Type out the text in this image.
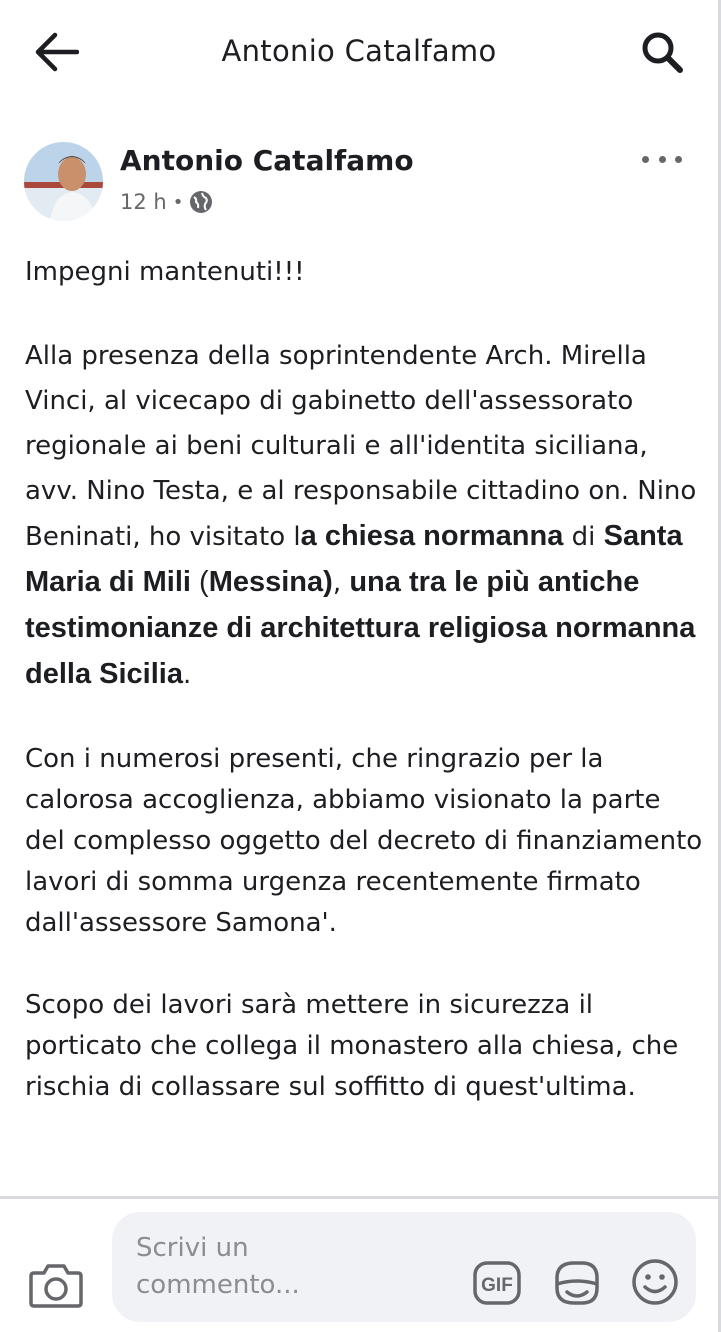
Antonio Catalfamo
Antonio Catalfamo
12 h •

Impegni mantenuti!!!

Alla presenza della soprintendente Arch. Mirella Vinci, al vicecapo di gabinetto dell'assessorato regionale ai beni culturali e all'identita siciliana, avv. Nino Testa, e al responsabile cittadino on. Nino Beninati, ho visitato la chiesa normanna di Santa Maria di Mili (Messina), una tra le più antiche testimonianze di architettura religiosa normanna della Sicilia.

Con i numerosi presenti, che ringrazio per la calorosa accoglienza, abbiamo visionato la parte del complesso oggetto del decreto di finanziamento lavori di somma urgenza recentemente firmato dall'assessore Samona'.

Scopo dei lavori sarà mettere in sicurezza il porticato che collega il monastero alla chiesa, che rischia di collassare sul soffitto di quest'ultima.

Scrivi un commento...	GIF
